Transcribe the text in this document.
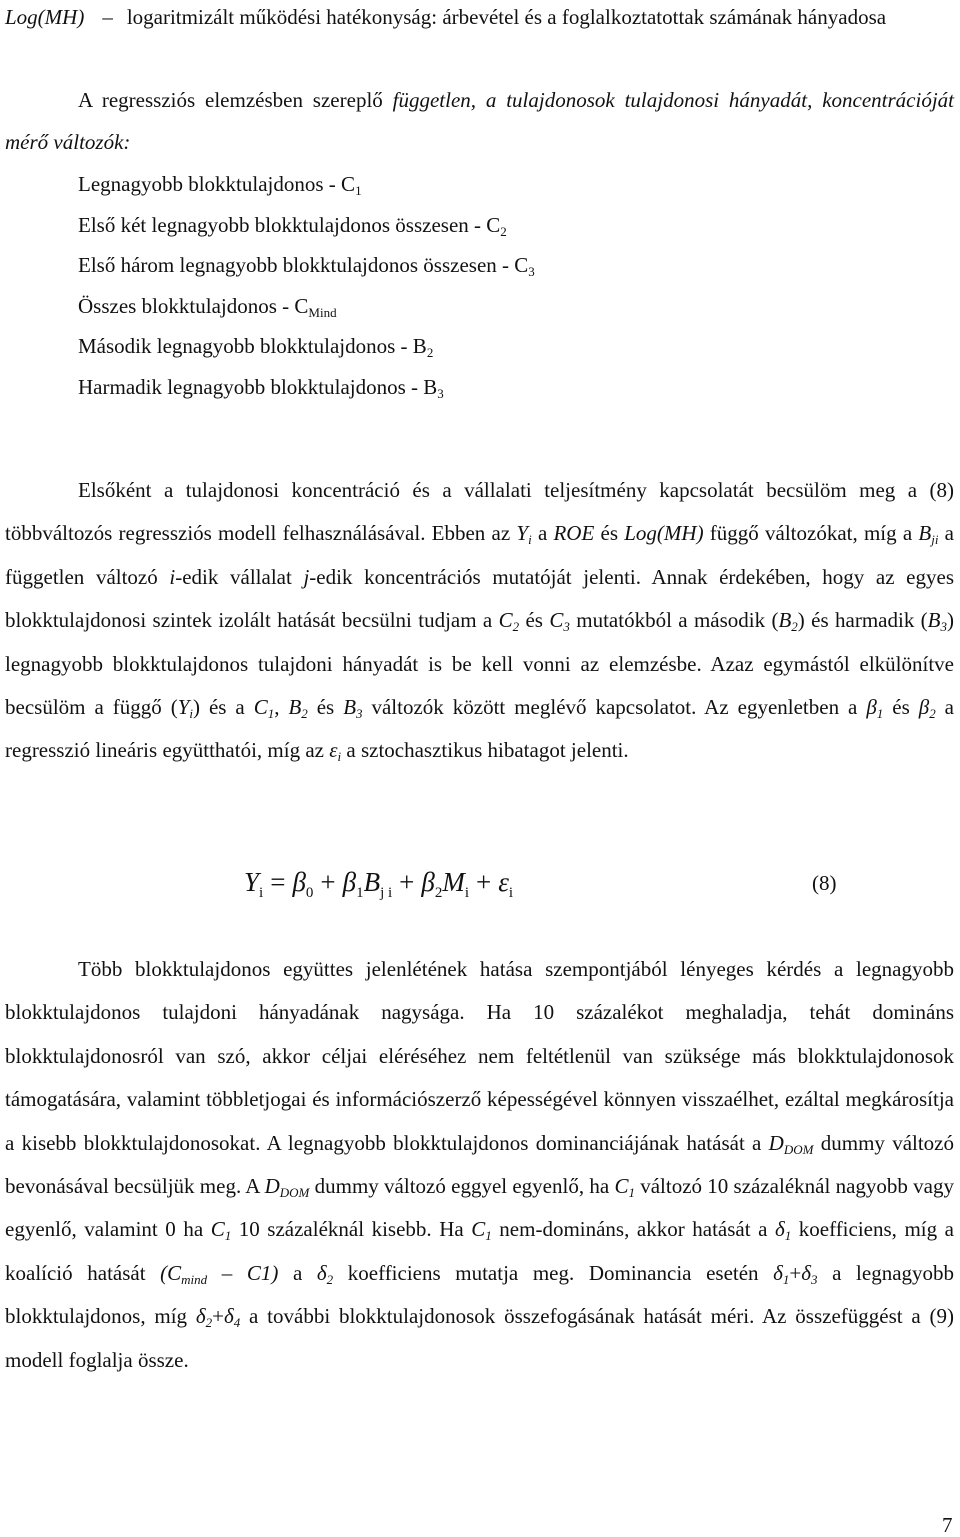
Log(MH) – logaritmizált működési hatékonyság: árbevétel és a foglalkoztatottak számának hányadosa

A regressziós elemzésben szereplő független, a tulajdonosok tulajdonosi hányadát, koncentrációját mérő változók:

Legnagyobb blokktulajdonos - $C_1$
Első két legnagyobb blokktulajdonos összesen - $C_2$
Első három legnagyobb blokktulajdonos összesen - $C_3$
Összes blokktulajdonos - $C_{Mind}$
Második legnagyobb blokktulajdonos - $B_2$
Harmadik legnagyobb blokktulajdonos - $B_3$

Elsőként a tulajdonosi koncentráció és a vállalati teljesítmény kapcsolatát becsülöm meg a (8) többváltozós regressziós modell felhasználásával. Ebben az $Y_i$ a ROE és Log(MH) függő változókat, míg a $B_{ji}$ a független változó i-edik vállalat j-edik koncentrációs mutatóját jelenti. Annak érdekében, hogy az egyes blokktulajdonosi szintek izolált hatását becsülni tudjam a $C_2$ és $C_3$ mutatókból a második $(B_2)$ és harmadik $(B_3)$ legnagyobb blokktulajdonos tulajdoni hányadát is be kell vonni az elemzésbe. Azaz egymástól elkülönítve becsülöm a függő $(Y_i)$ és a $C_1$, $B_2$ és $B_3$ változók között meglévő kapcsolatot. Az egyenletben a $\beta_1$ és $\beta_2$ a regresszió lineáris együtthatói, míg az $\varepsilon_i$ a sztochasztikus hibatagot jelenti.

$Y_i = \beta_0 + \beta_1B_{j i} + \beta_2M_i + \varepsilon_i$	(8)

Több blokktulajdonos együttes jelenlétének hatása szempontjából lényeges kérdés a legnagyobb blokktulajdonos tulajdoni hányadának nagysága. Ha 10 százalékot meghaladja, tehát domináns blokktulajdonosról van szó, akkor céljai eléréséhez nem feltétlenül van szüksége más blokktulajdonosok támogatására, valamint többletjogai és információszerző képességével könnyen visszaélhet, ezáltal megkárosítja a kisebb blokktulajdonosokat. A legnagyobb blokktulajdonos dominanciájának hatását a $D_{DOM}$ dummy változó bevonásával becsüljük meg. A $D_{DOM}$ dummy változó eggyel egyenlő, ha $C_1$ változó 10 százaléknál nagyobb vagy egyenlő, valamint 0 ha $C_1$ 10 százaléknál kisebb. Ha $C_1$ nem-domináns, akkor hatását a $\delta_1$ koefficiens, míg a koalíció hatását $(C_{mind} - C1)$ a $\delta_2$ koefficiens mutatja meg. Dominancia esetén $\delta_1+\delta_3$ a legnagyobb blokktulajdonos, míg $\delta_2+\delta_4$ a további blokktulajdonosok összefogásának hatását méri. Az összefüggést a (9) modell foglalja össze.

7
